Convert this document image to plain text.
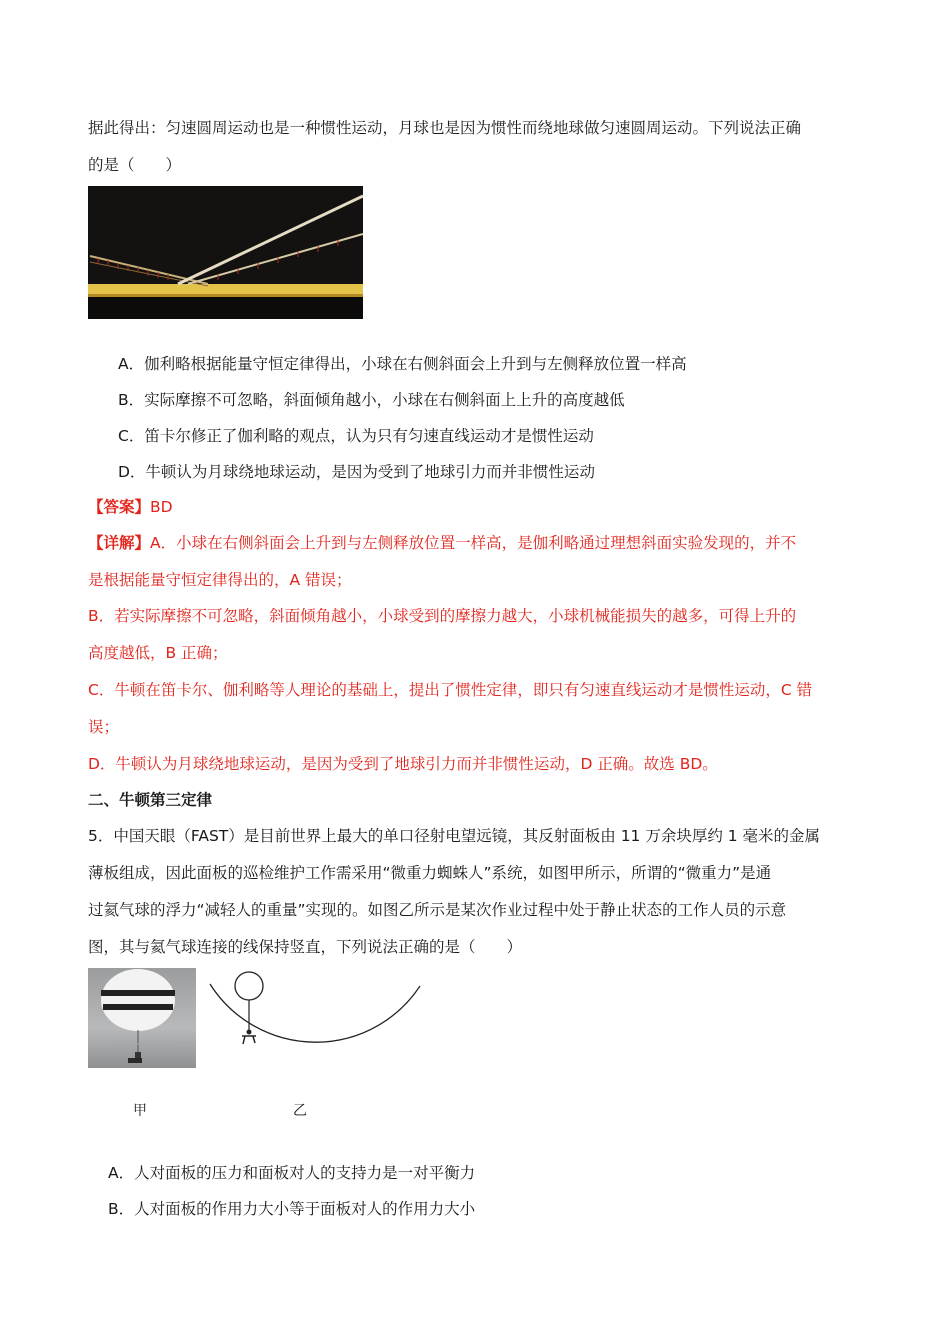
据此得出：匀速圆周运动也是一种惯性运动，月球也是因为惯性而绕地球做匀速圆周运动。下列说法正确
的是（　　）
A．伽利略根据能量守恒定律得出，小球在右侧斜面会上升到与左侧释放位置一样高
B．实际摩擦不可忽略，斜面倾角越小，小球在右侧斜面上上升的高度越低
C．笛卡尔修正了伽利略的观点，认为只有匀速直线运动才是惯性运动
D．牛顿认为月球绕地球运动，是因为受到了地球引力而并非惯性运动
【答案】BD
【详解】A．小球在右侧斜面会上升到与左侧释放位置一样高，是伽利略通过理想斜面实验发现的，并不
是根据能量守恒定律得出的，A 错误；
B．若实际摩擦不可忽略，斜面倾角越小，小球受到的摩擦力越大，小球机械能损失的越多，可得上升的
高度越低，B 正确；
C．牛顿在笛卡尔、伽利略等人理论的基础上，提出了惯性定律，即只有匀速直线运动才是惯性运动，C 错
误；
D．牛顿认为月球绕地球运动，是因为受到了地球引力而并非惯性运动，D 正确。故选 BD。
二、牛顿第三定律
5．中国天眼（FAST）是目前世界上最大的单口径射电望远镜，其反射面板由 11 万余块厚约 1 毫米的金属
薄板组成，因此面板的巡检维护工作需采用“微重力蜘蛛人”系统，如图甲所示，所谓的“微重力”是通
过氦气球的浮力“减轻人的重量”实现的。如图乙所示是某次作业过程中处于静止状态的工作人员的示意
图，其与氦气球连接的线保持竖直，下列说法正确的是（　　）
甲	乙
A．人对面板的压力和面板对人的支持力是一对平衡力
B．人对面板的作用力大小等于面板对人的作用力大小
